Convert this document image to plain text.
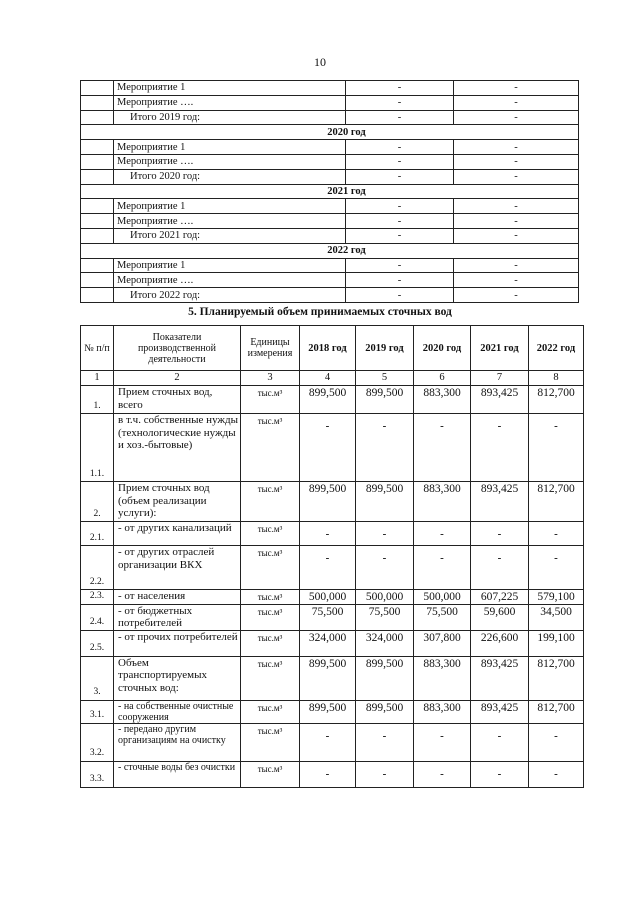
10
	Мероприятие 1	-	-
	Мероприятие ….	-	-
	Итого 2019 год:	-	-
2020 год			
	Мероприятие 1	-	-
	Мероприятие ….	-	-
	Итого 2020 год:	-	-
2021 год			
	Мероприятие 1	-	-
	Мероприятие ….	-	-
	Итого 2021 год:	-	-
2022 год			
	Мероприятие 1	-	-
	Мероприятие ….	-	-
	Итого 2022 год:	-	-
5. Планируемый объем принимаемых сточных вод
№ п/п	Показатели производственной деятельности	Единицы измерения	2018 год	2019 год	2020 год	2021 год	2022 год
1	2	3	4	5	6	7	8
1.	Прием сточных вод, всего	тыс.м³	899,500	899,500	883,300	893,425	812,700
1.1.	в т.ч. собственные нужды (технологические нужды и хоз.-бытовые)	тыс.м³	-	-	-	-	-
2.	Прием сточных вод (объем реализации услуги):	тыс.м³	899,500	899,500	883,300	893,425	812,700
2.1.	- от других канализаций	тыс.м³	-	-	-	-	-
2.2.	- от других отраслей организации ВКХ	тыс.м³	-	-	-	-	-
2.3.	- от населения	тыс.м³	500,000	500,000	500,000	607,225	579,100
2.4.	- от бюджетных потребителей	тыс.м³	75,500	75,500	75,500	59,600	34,500
2.5.	- от прочих потребителей	тыс.м³	324,000	324,000	307,800	226,600	199,100
3.	Объем транспортируемых сточных вод:	тыс.м³	899,500	899,500	883,300	893,425	812,700
3.1.	- на собственные очистные сооружения	тыс.м³	899,500	899,500	883,300	893,425	812,700
3.2.	- передано другим организациям на очистку	тыс.м³	-	-	-	-	-
3.3.	- сточные воды без очистки	тыс.м³	-	-	-	-	-
